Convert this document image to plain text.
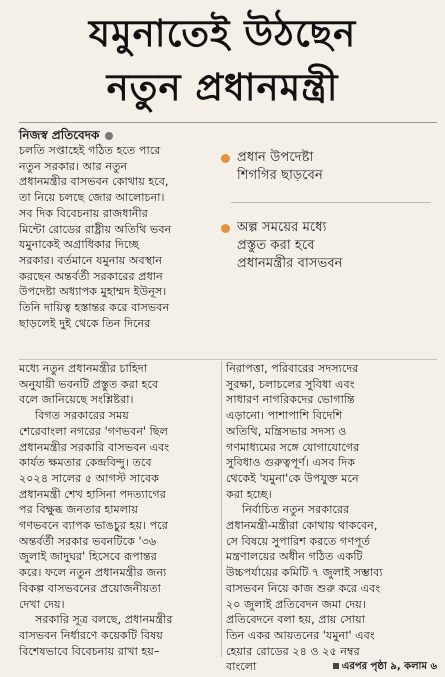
যমুনাতেই উঠছেন
নতুন প্রধানমন্ত্রী
নিজস্ব প্রতিবেদক
চলতি সপ্তাহেই গঠিত হতে পারে
নতুন সরকার। আর নতুন
প্রধানমন্ত্রীর বাসভবন কোথায় হবে,
তা নিয়ে চলছে জোর আলোচনা।
সব দিক বিবেচনায় রাজধানীর
মিন্টো রোডের রাষ্ট্রীয় অতিথি ভবন
যমুনাকেই অগ্রাধিকার দিচ্ছে
সরকার। বর্তমানে যমুনায় অবস্থান
করছেন অন্তর্বর্তী সরকারের প্রধান
উপদেষ্টা অধ্যাপক মুহাম্মদ ইউনূস।
তিনি দায়িত্ব হস্তান্তর করে বাসভবন
ছাড়লেই দুই থেকে তিন দিনের
প্রধান উপদেষ্টা
শিগগির ছাড়বেন
অল্প সময়ের মধ্যে
প্রস্তুত করা হবে
প্রধানমন্ত্রীর বাসভবন
মধ্যে নতুন প্রধানমন্ত্রীর চাহিদা
অনুযায়ী ভবনটি প্রস্তুত করা হবে
বলে জানিয়েছে সংশ্লিষ্টরা।
বিগত সরকারের সময়
শেরেবাংলা নগরের 'গণভবন' ছিল
প্রধানমন্ত্রীর সরকারি বাসভবন এবং
কার্যত ক্ষমতার কেন্দ্রবিন্দু। তবে
২০২৪ সালের ৫ আগস্ট সাবেক
প্রধানমন্ত্রী শেখ হাসিনা পদত্যাগের
পর বিক্ষুব্ধ জনতার হামলায়
গণভবনে ব্যাপক ভাঙচুর হয়। পরে
অন্তর্বর্তী সরকার ভবনটিকে '৩৬
জুলাই জাদুঘর' হিসেবে রূপান্তর
করে। ফলে নতুন প্রধানমন্ত্রীর জন্য
বিকল্প বাসভবনের প্রয়োজনীয়তা
দেখা দেয়।
সরকারি সূত্র বলছে, প্রধানমন্ত্রীর
বাসভবন নির্ধারণে কয়েকটি বিষয়
বিশেষভাবে বিবেচনায় রাখা হয়–
নিরাপত্তা, পরিবারের সদস্যদের
সুরক্ষা, চলাচলের সুবিধা এবং
সাধারণ নাগরিকদের ভোগান্তি
এড়ানো। পাশাপাশি বিদেশি
অতিথি, মন্ত্রিসভার সদস্য ও
গণমাধ্যমের সঙ্গে যোগাযোগের
সুবিধাও গুরুত্বপূর্ণ। এসব দিক
থেকেই 'যমুনা'কে উপযুক্ত মনে
করা হচ্ছে।
নির্বাচিত নতুন সরকারের
প্রধানমন্ত্রী-মন্ত্রীরা কোথায় থাকবেন,
সে বিষয়ে সুপারিশ করতে গণপূর্ত
মন্ত্রণালয়ের অধীন গঠিত একটি
উচ্চপর্যায়ের কমিটি ৭ জুলাই সম্ভাব্য
বাসভবন নিয়ে কাজ শুরু করে এবং
২০ জুলাই প্রতিবেদন জমা দেয়।
প্রতিবেদনে বলা হয়, প্রায় সোয়া
তিন একর আয়তনের 'যমুনা' এবং
হেয়ার রোডের ২৪ ও ২৫ নম্বর
বাংলো	এরপর পৃষ্ঠা ৯, কলাম ৬
